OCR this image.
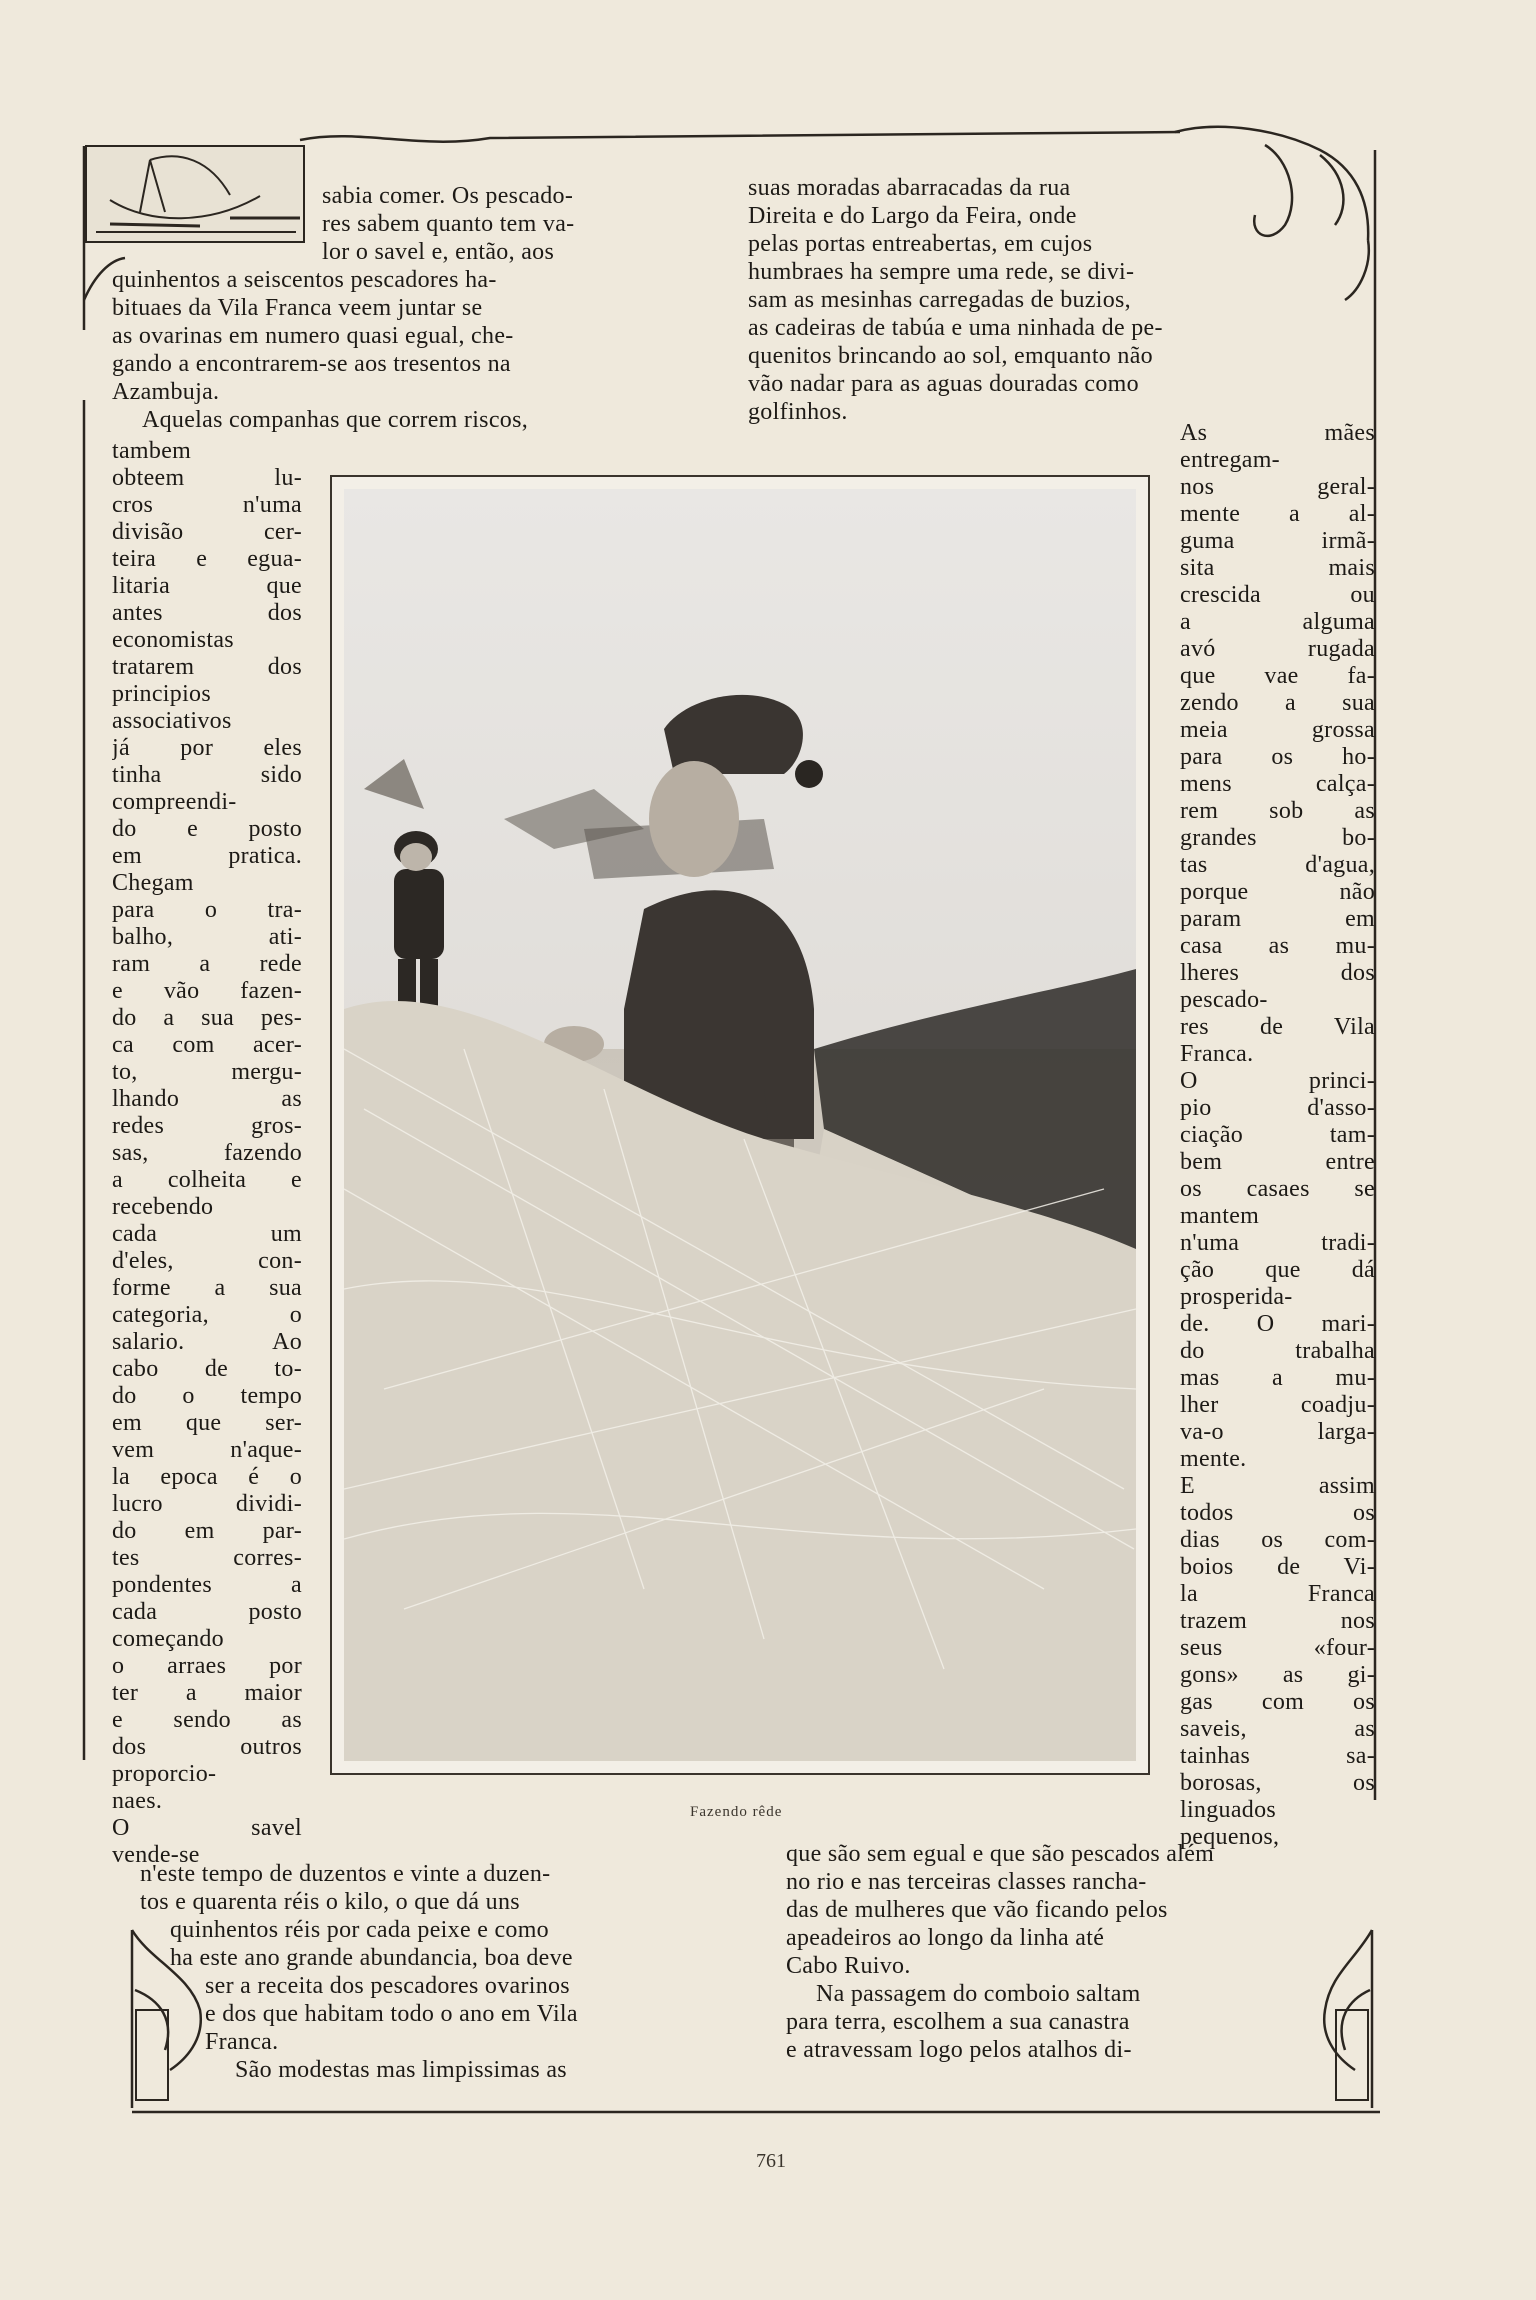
sabia comer. Os pescado-
res sabem quanto tem va-
lor o savel e, então, aos
quinhentos a seiscentos pescadores ha-
bituaes da Vila Franca veem juntar se
as ovarinas em numero quasi egual, che-
gando a encontrarem-se aos tresentos na
Azambuja.
Aquelas companhas que correm riscos,
tambem
obteem lu-
cros n'uma
divisão cer-
teira e egua-
litaria que
antes dos
economistas
tratarem dos
principios
associativos
já por eles
tinha sido
compreendi-
do e posto
em pratica.
Chegam
para o tra-
balho, ati-
ram a rede
e vão fazen-
do a sua pes-
ca com acer-
to, mergu-
lhando as
redes gros-
sas, fazendo
a colheita e
recebendo
cada um
d'eles, con-
forme a sua
categoria, o
salario. Ao
cabo de to-
do o tempo
em que ser-
vem n'aque-
la epoca é o
lucro dividi-
do em par-
tes corres-
pondentes a
cada posto
começando
o arraes por
ter a maior
e sendo as
dos outros
proporcio-
naes.
O savel
vende-se
n'este tempo de duzentos e vinte a duzen-
tos e quarenta réis o kilo, o que dá uns
quinhentos réis por cada peixe e como
ha este ano grande abundancia, boa deve
ser a receita dos pescadores ovarinos
e dos que habitam todo o ano em Vila
Franca.
São modestas mas limpissimas as
suas moradas abarracadas da rua
Direita e do Largo da Feira, onde
pelas portas entreabertas, em cujos
humbraes ha sempre uma rede, se divi-
sam as mesinhas carregadas de buzios,
as cadeiras de tabúa e uma ninhada de pe-
quenitos brincando ao sol, emquanto não
vão nadar para as aguas douradas como
golfinhos.
As mães
entregam-
nos geral-
mente a al-
guma irmã-
sita mais
crescida ou
a alguma
avó rugada
que vae fa-
zendo a sua
meia grossa
para os ho-
mens calça-
rem sob as
grandes bo-
tas d'agua,
porque não
param em
casa as mu-
lheres dos
pescado-
res de Vila
Franca.
O princi-
pio d'asso-
ciação tam-
bem entre
os casaes se
mantem
n'uma tradi-
ção que dá
prosperida-
de. O mari-
do trabalha
mas a mu-
lher coadju-
va-o larga-
mente.
E assim
todos os
dias os com-
boios de Vi-
la Franca
trazem nos
seus «four-
gons» as gi-
gas com os
saveis, as
tainhas sa-
borosas, os
linguados
pequenos,
que são sem egual e que são pescados além
no rio e nas terceiras classes rancha-
das de mulheres que vão ficando pelos
apeadeiros ao longo da linha até
Cabo Ruivo.
Na passagem do comboio saltam
para terra, escolhem a sua canastra
e atravessam logo pelos atalhos di-
Fazendo rêde
761
